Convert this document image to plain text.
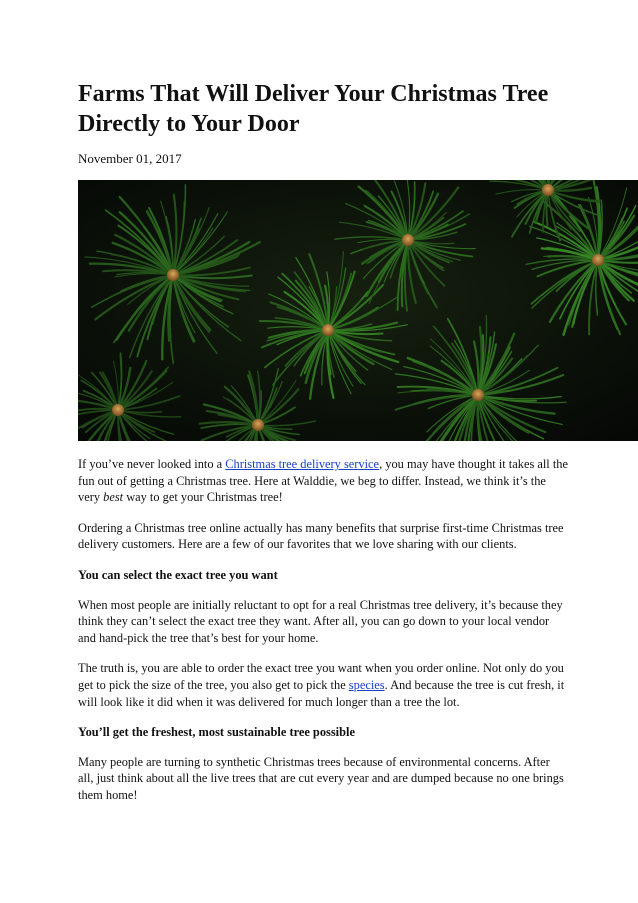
Farms That Will Deliver Your Christmas Tree Directly to Your Door

November 01, 2017

If you’ve never looked into a Christmas tree delivery service, you may have thought it takes all the fun out of getting a Christmas tree. Here at Walddie, we beg to differ. Instead, we think it’s the very best way to get your Christmas tree!

Ordering a Christmas tree online actually has many benefits that surprise first-time Christmas tree delivery customers. Here are a few of our favorites that we love sharing with our clients.

You can select the exact tree you want

When most people are initially reluctant to opt for a real Christmas tree delivery, it’s because they think they can’t select the exact tree they want. After all, you can go down to your local vendor and hand-pick the tree that’s best for your home.

The truth is, you are able to order the exact tree you want when you order online. Not only do you get to pick the size of the tree, you also get to pick the species. And because the tree is cut fresh, it will look like it did when it was delivered for much longer than a tree the lot.

You’ll get the freshest, most sustainable tree possible

Many people are turning to synthetic Christmas trees because of environmental concerns. After all, just think about all the live trees that are cut every year and are dumped because no one brings them home!
